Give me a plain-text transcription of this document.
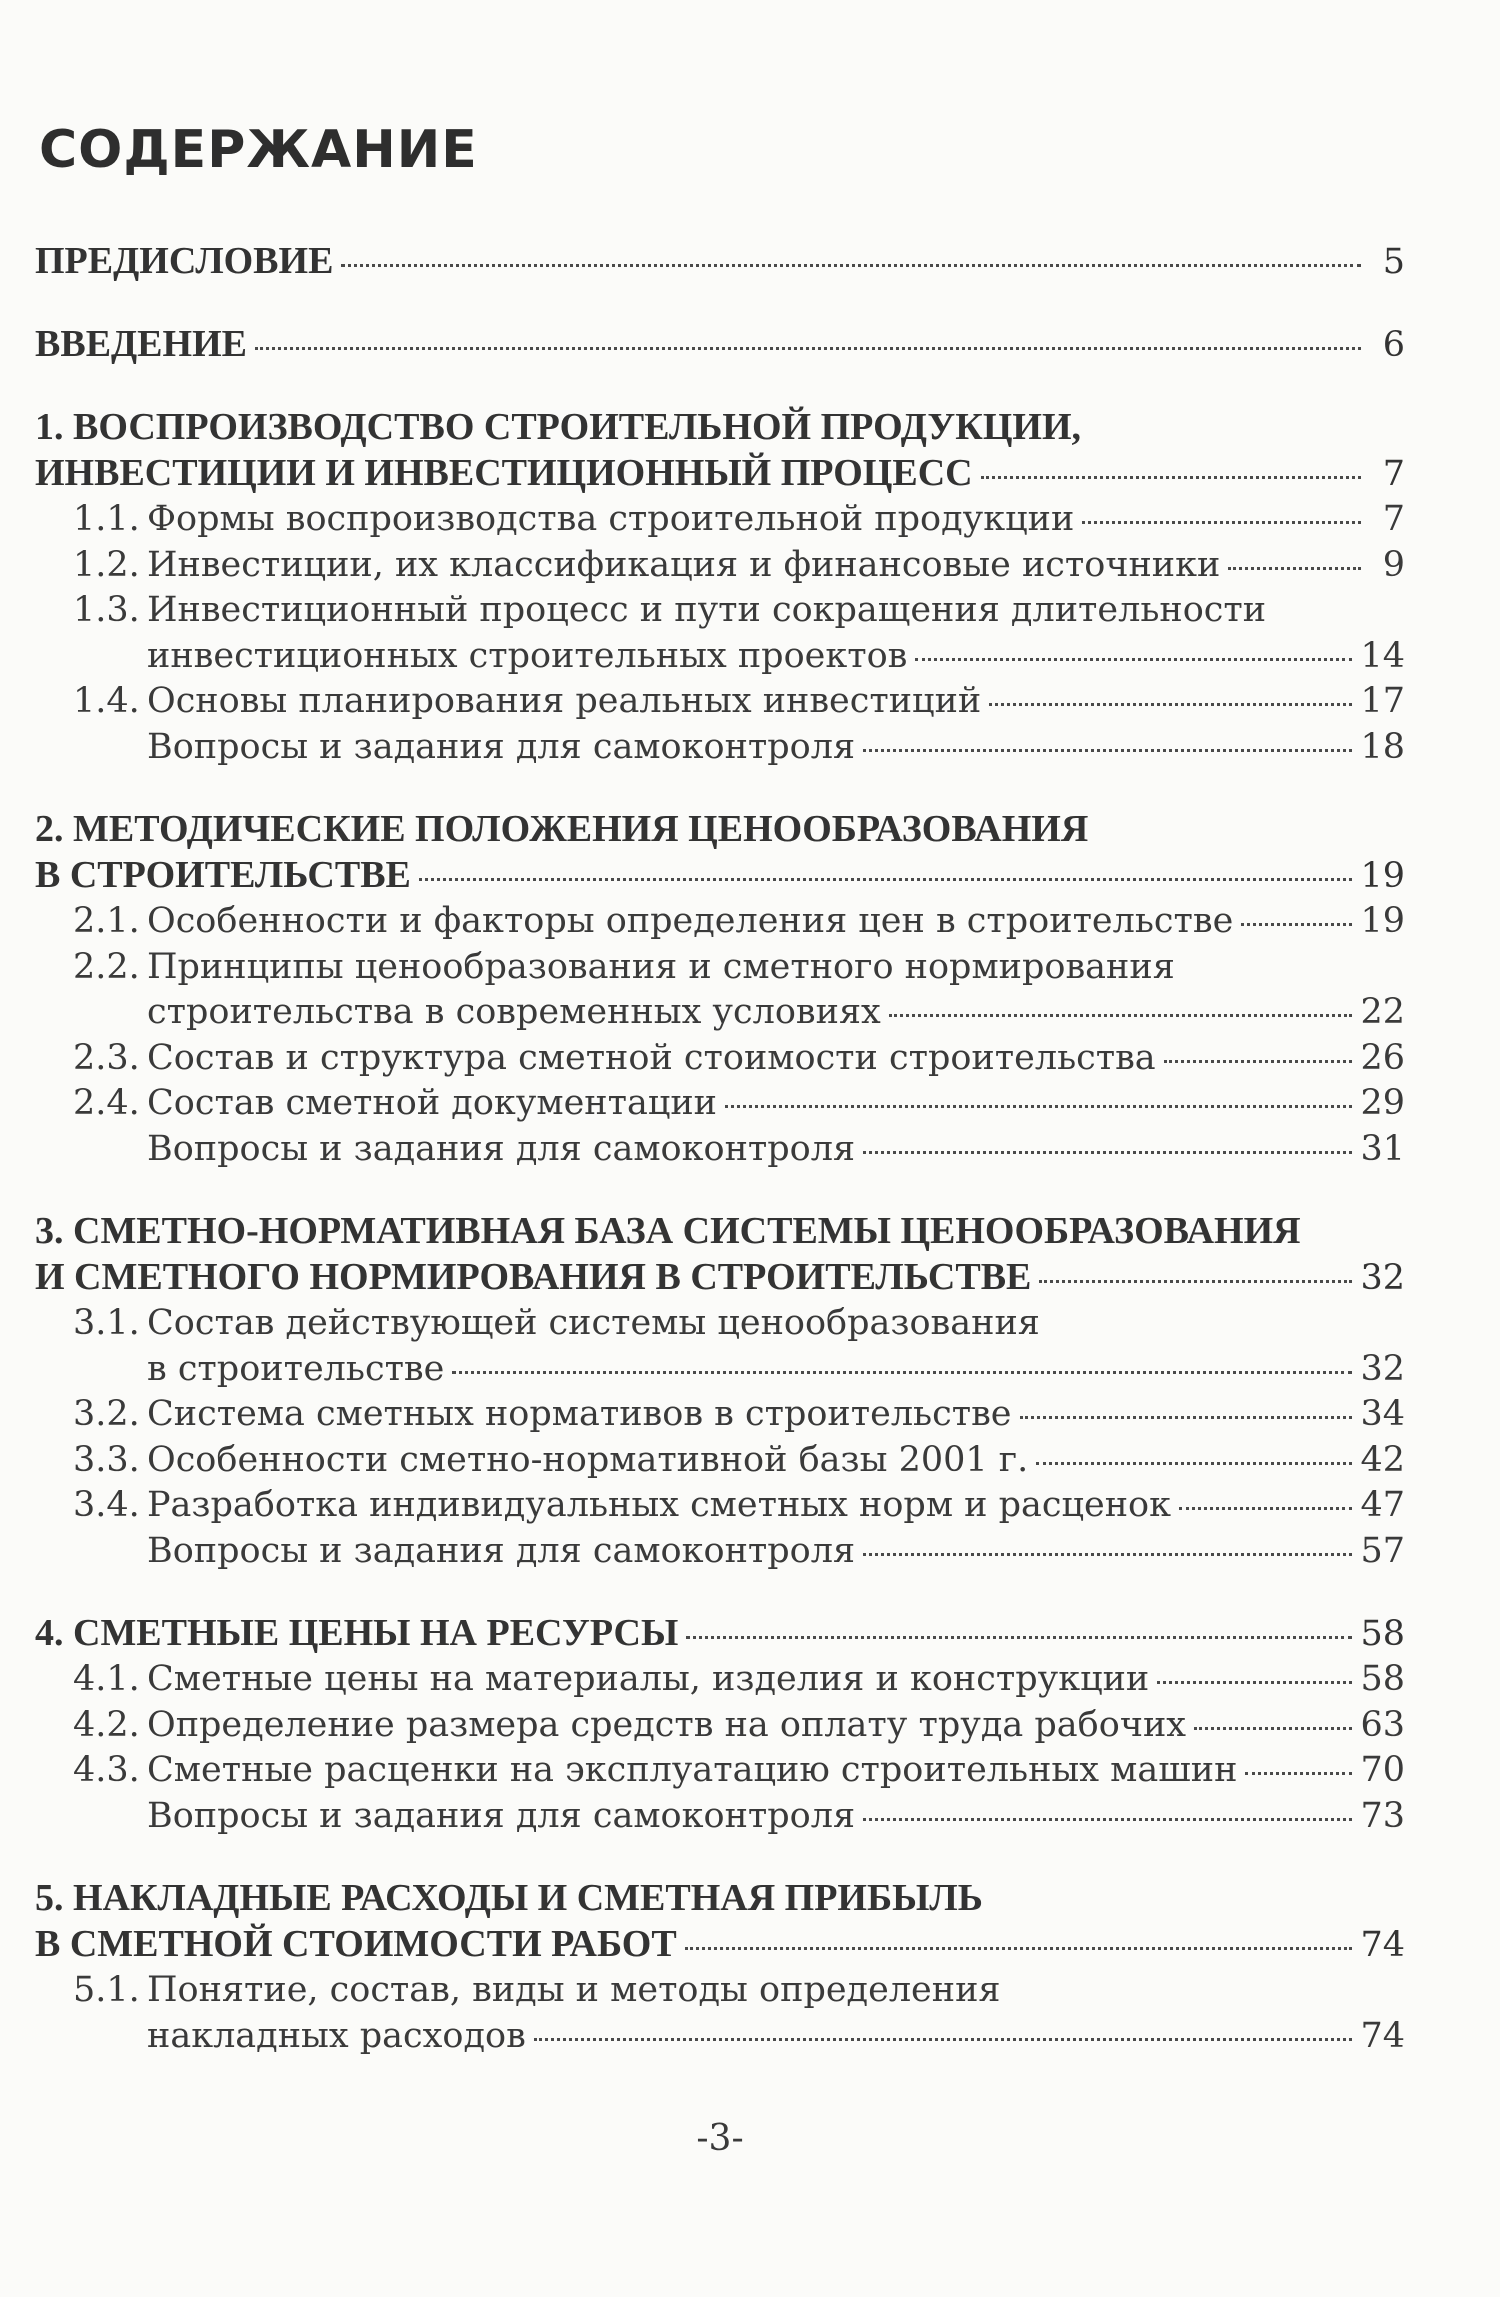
СОДЕРЖАНИЕ
ПРЕДИСЛОВИЕ	5
ВВЕДЕНИЕ	6
1. ВОСПРОИЗВОДСТВО СТРОИТЕЛЬНОЙ ПРОДУКЦИИ,
ИНВЕСТИЦИИ И ИНВЕСТИЦИОННЫЙ ПРОЦЕСС	7
1.1. Формы воспроизводства строительной продукции	7
1.2. Инвестиции, их классификация и финансовые источники	9
1.3. Инвестиционный процесс и пути сокращения длительности
инвестиционных строительных проектов	14
1.4. Основы планирования реальных инвестиций	17
Вопросы и задания для самоконтроля	18
2. МЕТОДИЧЕСКИЕ ПОЛОЖЕНИЯ ЦЕНООБРАЗОВАНИЯ
В СТРОИТЕЛЬСТВЕ	19
2.1. Особенности и факторы определения цен в строительстве	19
2.2. Принципы ценообразования и сметного нормирования
строительства в современных условиях	22
2.3. Состав и структура сметной стоимости строительства	26
2.4. Состав сметной документации	29
Вопросы и задания для самоконтроля	31
3. СМЕТНО-НОРМАТИВНАЯ БАЗА СИСТЕМЫ ЦЕНООБРАЗОВАНИЯ
И СМЕТНОГО НОРМИРОВАНИЯ В СТРОИТЕЛЬСТВЕ	32
3.1. Состав действующей системы ценообразования
в строительстве	32
3.2. Система сметных нормативов в строительстве	34
3.3. Особенности сметно-нормативной базы 2001 г.	42
3.4. Разработка индивидуальных сметных норм и расценок	47
Вопросы и задания для самоконтроля	57
4. СМЕТНЫЕ ЦЕНЫ НА РЕСУРСЫ	58
4.1. Сметные цены на материалы, изделия и конструкции	58
4.2. Определение размера средств на оплату труда рабочих	63
4.3. Сметные расценки на эксплуатацию строительных машин	70
Вопросы и задания для самоконтроля	73
5. НАКЛАДНЫЕ РАСХОДЫ И СМЕТНАЯ ПРИБЫЛЬ
В СМЕТНОЙ СТОИМОСТИ РАБОТ	74
5.1. Понятие, состав, виды и методы определения
накладных расходов	74
-3-
